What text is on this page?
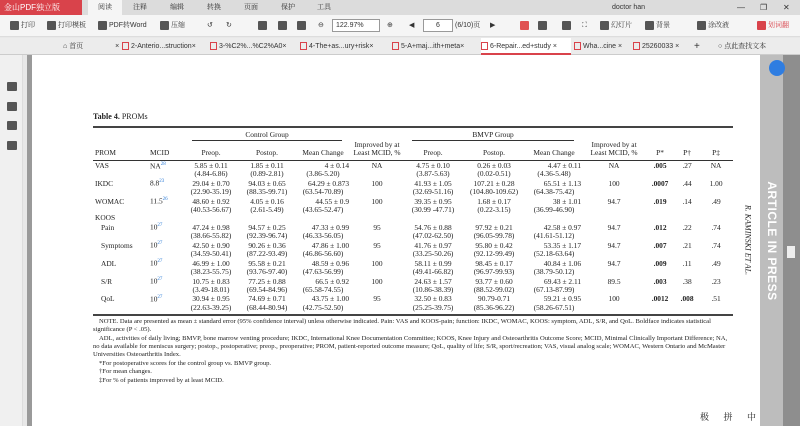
金山PDF独立版	阅读	注释	编辑	转换	页面	保护	工具	doctor han	— ❐ ✕
打印	打印模板	PDF转Word	压缩	↺ ↻	⊖	122.97%	⊕ ◀	6	(6/10)页 ▶	⛶	幻灯片	背景	涂改液	划词翻
⌂ 首页	×	2-Anterio...struction×	3-%C2%...%C2%A0×	4-The+as...ury+risk×	5-A+maj...ith+meta×	6-Repair...ed+study ×	Wha...cine ×	25260033 ×	+	○ 点此查找文本
R. KAMINSKI ET AL. ARTICLE IN PRESS
极 拼 中
Table 4. PROMs
		Control Group				BMVP Group						
PROM	MCID	Preop.	Postop.	Mean Change	Improved by at Least MCID, %	Preop.	Postop.	Mean Change	Improved by at Least MCID, %	P*	P†	P‡
VAS	NA$^{28}$	5.85 ± 0.11	1.85 ± 0.11	4 ± 0.14	NA	4.75 ± 0.10	0.26 ± 0.03	4.47 ± 0.11	NA	.005	.27	NA
		(4.84-6.86)	(0.89-2.81)	(3.86-5.20)		(3.87-5.63)	(0.02-0.51)	(4.36-5.48)				
IKDC	$8.8^{23}$	29.04 ± 0.70	94.03 ± 0.65	64.29 ± 0.873	100	41.93 ± 1.05	107.21 ± 0.28	65.51 ± 1.13	100	.0007	.44	1.00
		(22.90-35.19)	(88.35-99.71)	(63.54-70.89)		(32.69-51.16)	(104.80-109.62)	(64.38-75.42)				
WOMAC	11.5$^{26}$	48.60 ± 0.92	4.05 ± 0.16	44.55 ± 0.9	100	39.35 ± 0.95	1.68 ± 0.17	38 ± 1.01	94.7	.019	.14	.49
		(40.53-56.67)	(2.61-5.49)	(43.65-52.47)		(30.99 -47.71)	(0.22-3.15)	(36.99-46.90)				
KOOS												
Pain	$10^{27}$	47.24 ± 0.98	94.57 ± 0.25	47.33 ± 0.99	95	54.76 ± 0.88	97.92 ± 0.21	42.58 ± 0.97	94.7	.012	.22	.74
		(38.66-55.82)	(92.39-96.74)	(46.33-56.05)		(47.02-62.50)	(96.05-99.78)	(41.61-51.12)				
Symptoms	$10^{27}$	42.50 ± 0.90	90.26 ± 0.36	47.86 ± 1.00	95	41.76 ± 0.97	95.80 ± 0.42	53.35 ± 1.17	94.7	.007	.21	.74
		(34.59-50.41)	(87.22-93.49)	(46.86-56.60)		(33.25-50.26)	(92.12-99.49)	(52.18-63.64)				
ADL	$10^{27}$	46.99 ± 1.00	95.58 ± 0.21	48.59 ± 0.96	100	58.11 ± 0.99	98.45 ± 0.17	40.84 ± 1.06	94.7	.009	.11	.49
		(38.23-55.75)	(93.76-97.40)	(47.63-56.99)		(49.41-66.82)	(96.97-99.93)	(38.79-50.12)				
S/R	$10^{27}$	10.75 ± 0.83	77.25 ± 0.88	66.5 ± 0.92	100	24.63 ± 1.57	93.77 ± 0.60	69.43 ± 2.11	89.5	.003	.38	.23
		(3.49-18.01)	(69.54-84.96)	(65.58-74.55)		(10.86-38.39)	(88.52-99.02)	(67.13-87.99)				
QoL	$10^{27}$	30.94 ± 0.95	74.69 ± 0.71	43.75 ± 1.00	95	32.50 ± 0.83	90.79-0.71	59.21 ± 0.95	100	.0012	.008	.51
		(22.63-39.25)	(68.44-80.94)	(42.75-52.50)		(25.25-39.75)	(85.36-96.22)	(58.26-67.51)				

NOTE. Data are presented as mean ± standard error (95% confidence interval) unless otherwise indicated. Pain: VAS and KOOS-pain; function: IKDC, WOMAC, KOOS: symptom, ADL, S/R, and QoL. Boldface indicates statistical significance (P < .05).

ADL, activities of daily living; BMVP, bone marrow venting procedure; IKDC, International Knee Documentation Committee; KOOS, Knee Injury and Osteoarthritis Outcome Score; MCID, Minimal Clinically Important Difference; NA, no data available for meniscus surgery; postop., postoperative; preop., preoperative; PROM, patient-reported outcome measure; QoL, quality of life; S/R, sport/recreation; VAS, visual analog scale; WOMAC, Western Ontario and McMaster Universities Osteoarthritis Index.

*For postoperative scores for the control group vs. BMVP group.

†For mean changes.

‡For % of patients improved by at least MCID.
